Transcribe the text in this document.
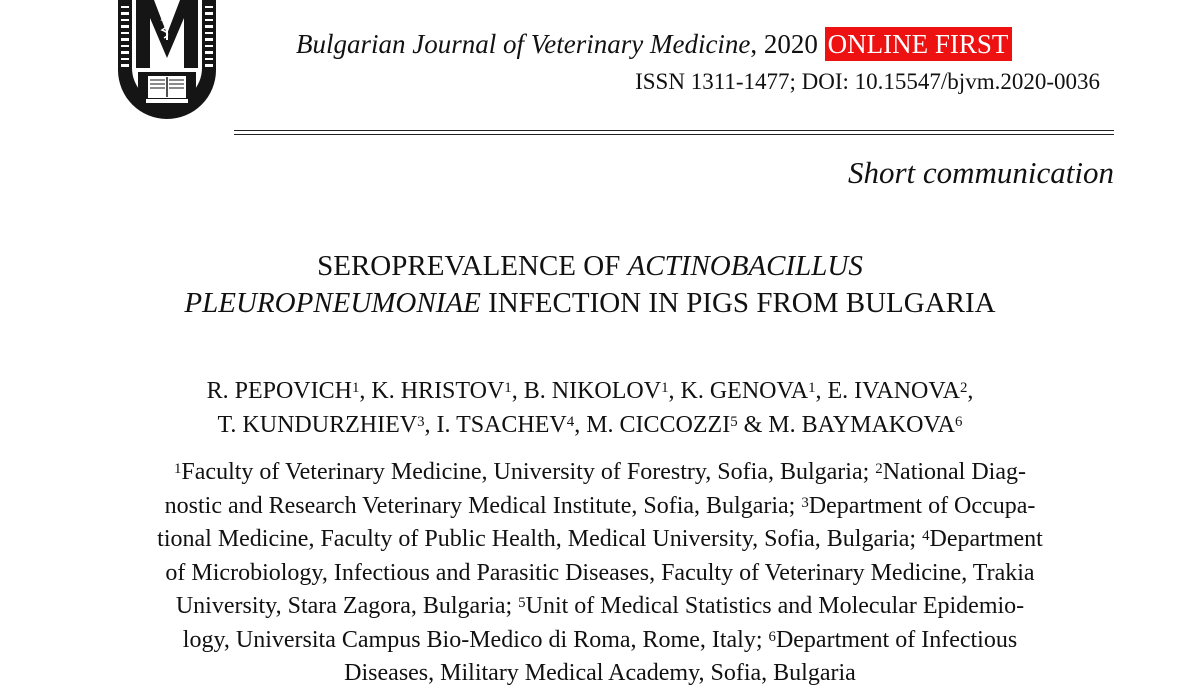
Bulgarian Journal of Veterinary Medicine, 2020 ONLINE FIRST
ISSN 1311-1477; DOI: 10.15547/bjvm.2020-0036
Short communication
SEROPREVALENCE OF ACTINOBACILLUS
PLEUROPNEUMONIAE INFECTION IN PIGS FROM BULGARIA
R. PEPOVICH$^1$, K. HRISTOV$^1$, B. NIKOLOV$^1$, K. GENOVA$^1$, E. IVANOVA$^2$,
T. KUNDURZHIEV$^3$, I. TSACHEV$^4$, M. CICCOZZI$^5$ & M. BAYMAKOVA$^6$
$^1$Faculty of Veterinary Medicine, University of Forestry, Sofia, Bulgaria; $^2$National Diag-
nostic and Research Veterinary Medical Institute, Sofia, Bulgaria; $^3$Department of Occupa-
tional Medicine, Faculty of Public Health, Medical University, Sofia, Bulgaria; $^4$Department
of Microbiology, Infectious and Parasitic Diseases, Faculty of Veterinary Medicine, Trakia
University, Stara Zagora, Bulgaria; $^5$Unit of Medical Statistics and Molecular Epidemio-
logy, Universita Campus Bio-Medico di Roma, Rome, Italy; $^6$Department of Infectious
Diseases, Military Medical Academy, Sofia, Bulgaria
